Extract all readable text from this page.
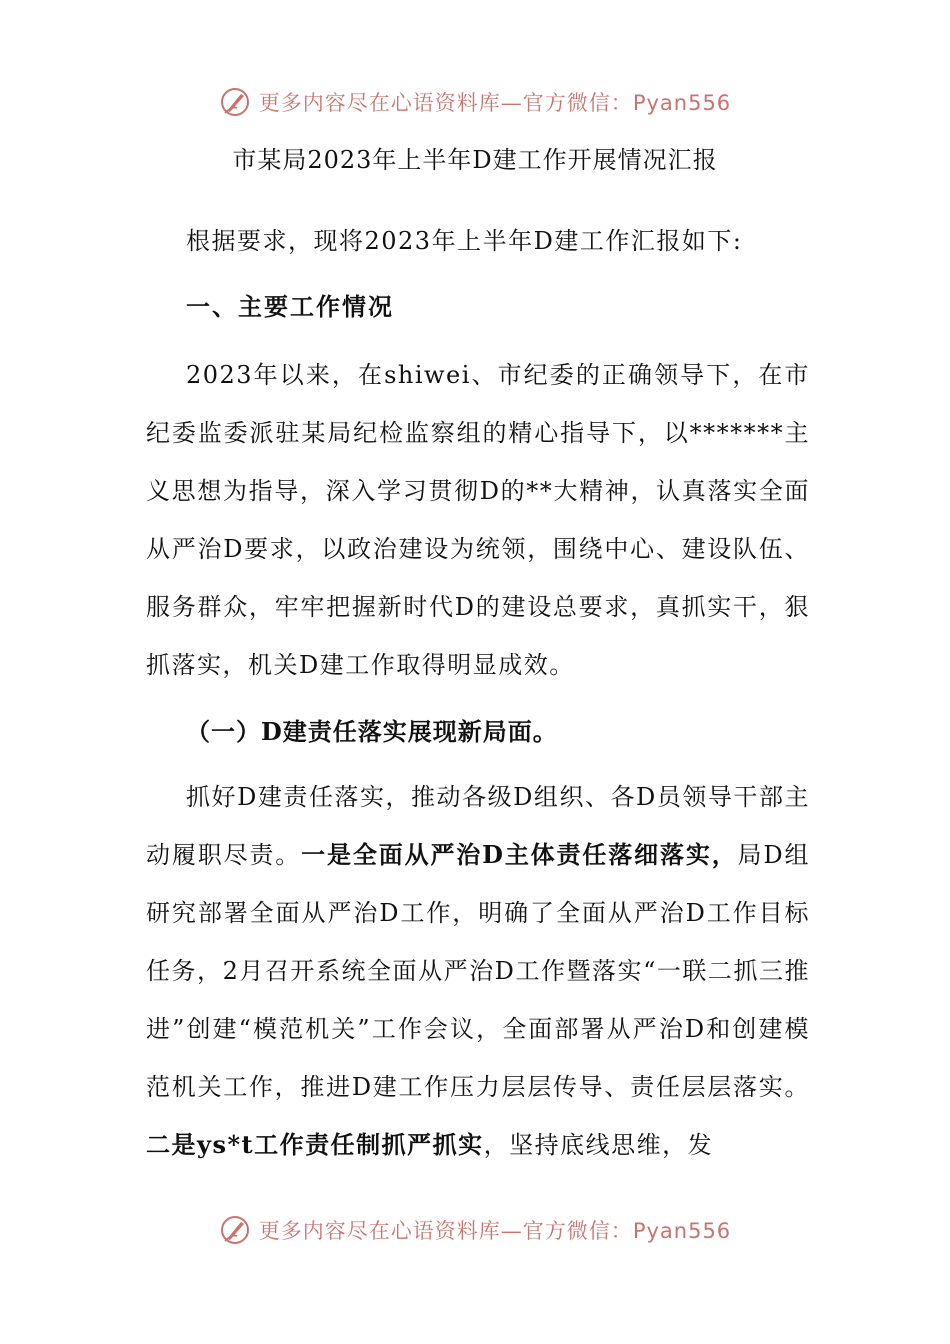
更多内容尽在心语资料库—官方微信：Pyan556
市某局2023年上半年D建工作开展情况汇报
根据要求，现将2023年上半年D建工作汇报如下:
一、主要工作情况
2023年以来，在shiwei、市纪委的正确领导下，在市纪委监委派驻某局纪检监察组的精心指导下，以*******主义思想为指导，深入学习贯彻D的**大精神，认真落实全面从严治D要求，以政治建设为统领，围绕中心、建设队伍、服务群众，牢牢把握新时代D的建设总要求，真抓实干，狠抓落实，机关D建工作取得明显成效。
（一）D建责任落实展现新局面。
抓好D建责任落实，推动各级D组织、各D员领导干部主动履职尽责。一是全面从严治D主体责任落细落实，局D组研究部署全面从严治D工作，明确了全面从严治D工作目标任务，2月召开系统全面从严治D工作暨落实“一联二抓三推进”创建“模范机关”工作会议，全面部署从严治D和创建模范机关工作，推进D建工作压力层层传导、责任层层落实。二是ys*t工作责任制抓严抓实，坚持底线思维，发
更多内容尽在心语资料库—官方微信：Pyan556
